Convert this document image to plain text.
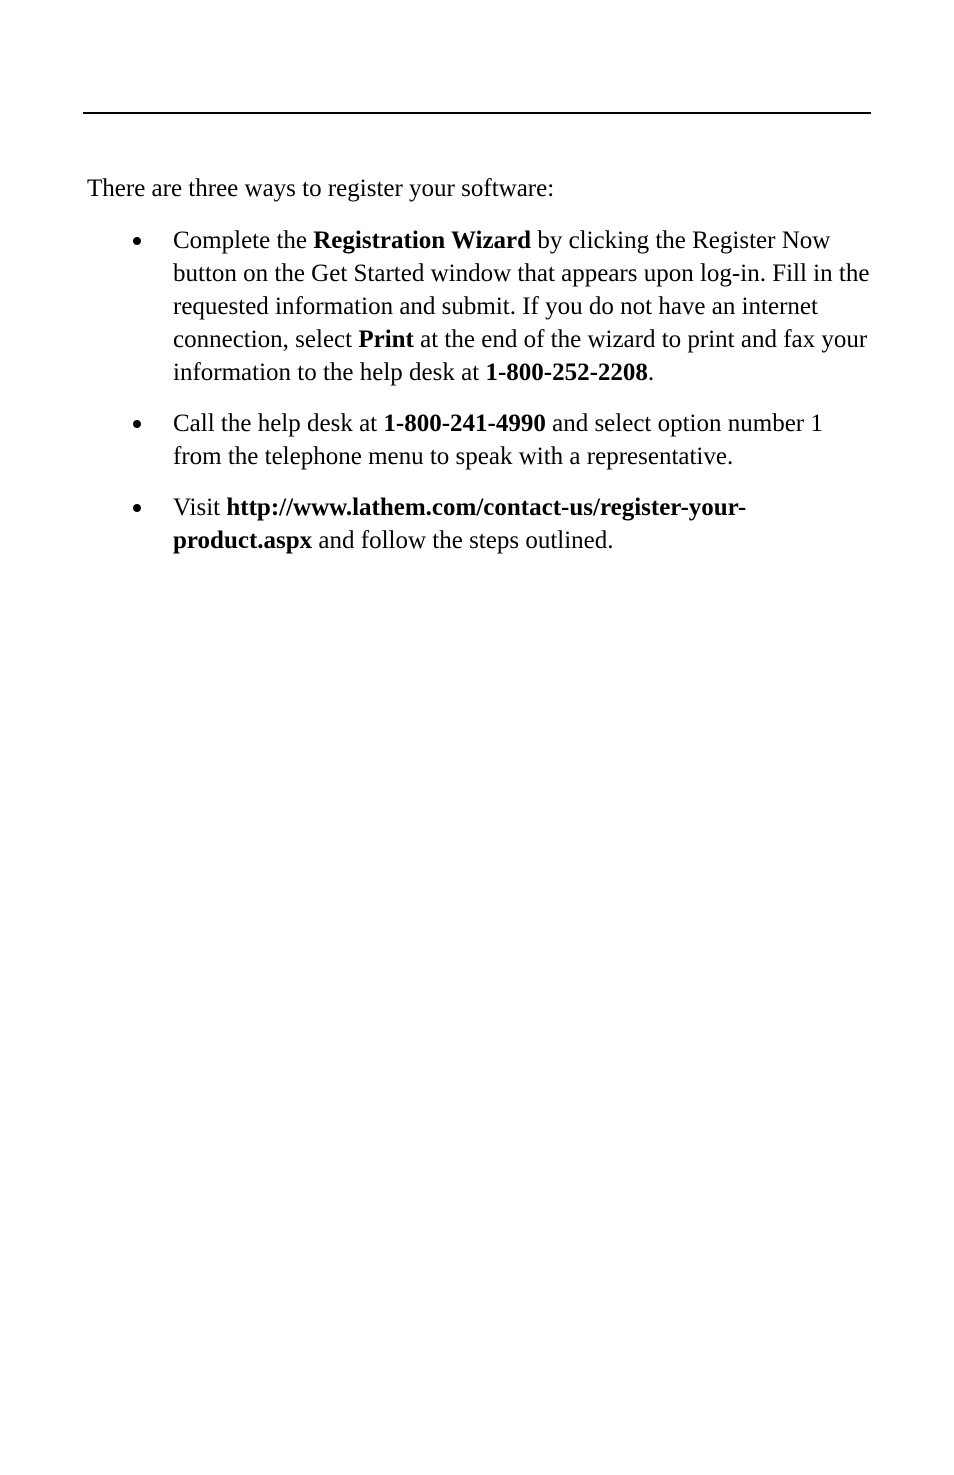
There are three ways to register your software:

Complete the Registration Wizard by clicking the Register Now button on the Get Started window that appears upon log-in. Fill in the requested information and submit. If you do not have an internet connection, select Print at the end of the wizard to print and fax your information to the help desk at 1-800-252-2208.
Call the help desk at 1-800-241-4990 and select option number 1 from the telephone menu to speak with a representative.
Visit http://www.lathem.com/contact-us/register-your-product.aspx and follow the steps outlined.
